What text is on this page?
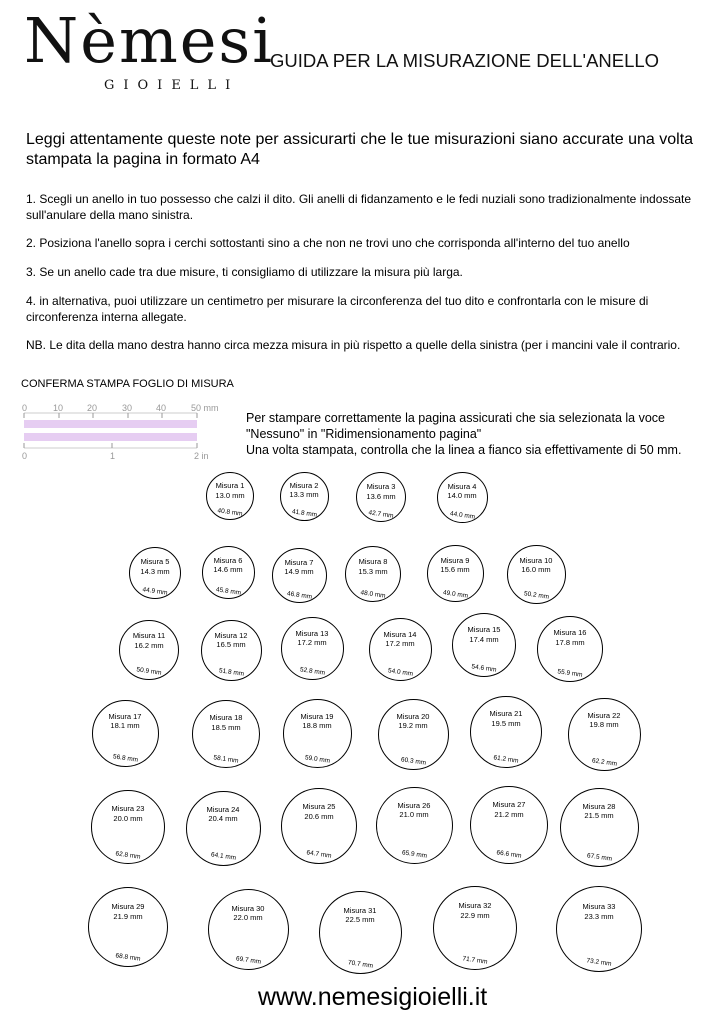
Nèmesi
GIOIELLI
GUIDA PER LA MISURAZIONE DELL'ANELLO
Leggi attentamente queste note per assicurarti che le tue misurazioni siano accurate una volta stampata la pagina in formato A4
1. Scegli un anello in tuo possesso che calzi il dito. Gli anelli di fidanzamento e le fedi nuziali sono tradizionalmente indossate sull'anulare della mano sinistra.
2. Posiziona l'anello sopra i cerchi sottostanti sino a che non ne trovi uno che corrisponda all'interno del tuo anello
3. Se un anello cade tra due misure, ti consigliamo di utilizzare la misura più larga.
4. in alternativa, puoi utilizzare un centimetro per misurare la circonferenza del tuo dito e confrontarla con le misure di circonferenza interna allegate.
NB. Le dita della mano destra hanno circa mezza misura in più rispetto a quelle della sinistra (per i mancini vale il contrario.
CONFERMA STAMPA FOGLIO DI MISURA
0	10	20	30	40	50 mm
0	1	2 in
Per stampare correttamente la pagina assicurati che sia selezionata la voce
"Nessuno" in "Ridimensionamento pagina"
Una volta stampata, controlla che la linea a fianco sia effettivamente di 50 mm.
Misura 1
13.0 mm
40.8 mm
Misura 2
13.3 mm
41.8 mm
Misura 3
13.6 mm
42.7 mm
Misura 4
14.0 mm
44.0 mm
Misura 5
14.3 mm
44.9 mm
Misura 6
14.6 mm
45.8 mm
Misura 7
14.9 mm
46.8 mm
Misura 8
15.3 mm
48.0 mm
Misura 9
15.6 mm
49.0 mm
Misura 10
16.0 mm
50.2 mm
Misura 11
16.2 mm
50.9 mm
Misura 12
16.5 mm
51.8 mm
Misura 13
17.2 mm
52.8 mm
Misura 14
17.2 mm
54.0 mm
Misura 15
17.4 mm
54.6 mm
Misura 16
17.8 mm
55.9 mm
Misura 17
18.1 mm
56.8 mm
Misura 18
18.5 mm
58.1 mm
Misura 19
18.8 mm
59.0 mm
Misura 20
19.2 mm
60.3 mm
Misura 21
19.5 mm
61.2 mm
Misura 22
19.8 mm
62.2 mm
Misura 23
20.0 mm
62.8 mm
Misura 24
20.4 mm
64.1 mm
Misura 25
20.6 mm
64.7 mm
Misura 26
21.0 mm
65.9 mm
Misura 27
21.2 mm
66.6 mm
Misura 28
21.5 mm
67.5 mm
Misura 29
21.9 mm
68.8 mm
Misura 30
22.0 mm
69.7 mm
Misura 31
22.5 mm
70.7 mm
Misura 32
22.9 mm
71.7 mm
Misura 33
23.3 mm
73.2 mm
www.nemesigioielli.it
